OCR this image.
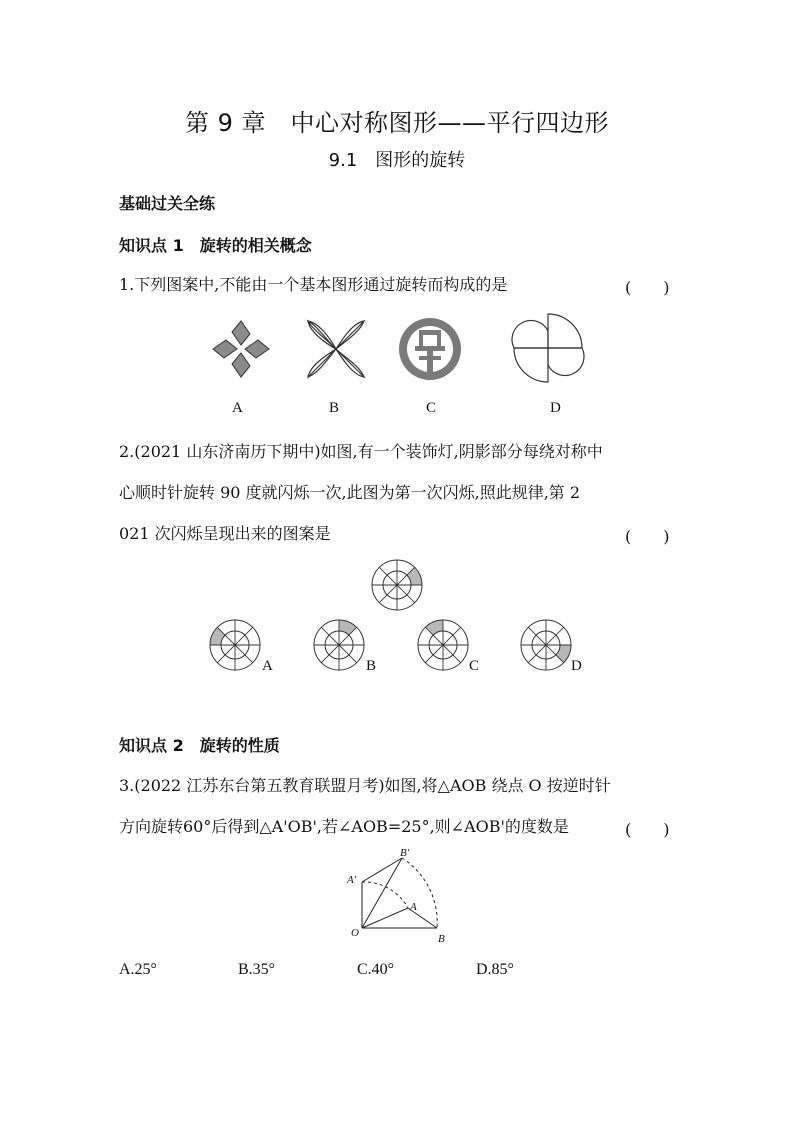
第 9 章　中心对称图形——平行四边形
9.1　图形的旋转
基础过关全练
知识点 1　旋转的相关概念
1.下列图案中,不能由一个基本图形通过旋转而构成的是	(　　)
A	B	C	D
2.(2021 山东济南历下期中)如图,有一个装饰灯,阴影部分每绕对称中
心顺时针旋转 90 度就闪烁一次,此图为第一次闪烁,照此规律,第 2
021 次闪烁呈现出来的图案是	(　　)
A	B	C	D
知识点 2　旋转的性质
3.(2022 江苏东台第五教育联盟月考)如图,将△AOB 绕点 O 按逆时针
方向旋转60°后得到△A'OB',若∠AOB=25°,则∠AOB'的度数是	(　　)
B′
A′
A
O	B
A.25°	B.35°	C.40°	D.85°
